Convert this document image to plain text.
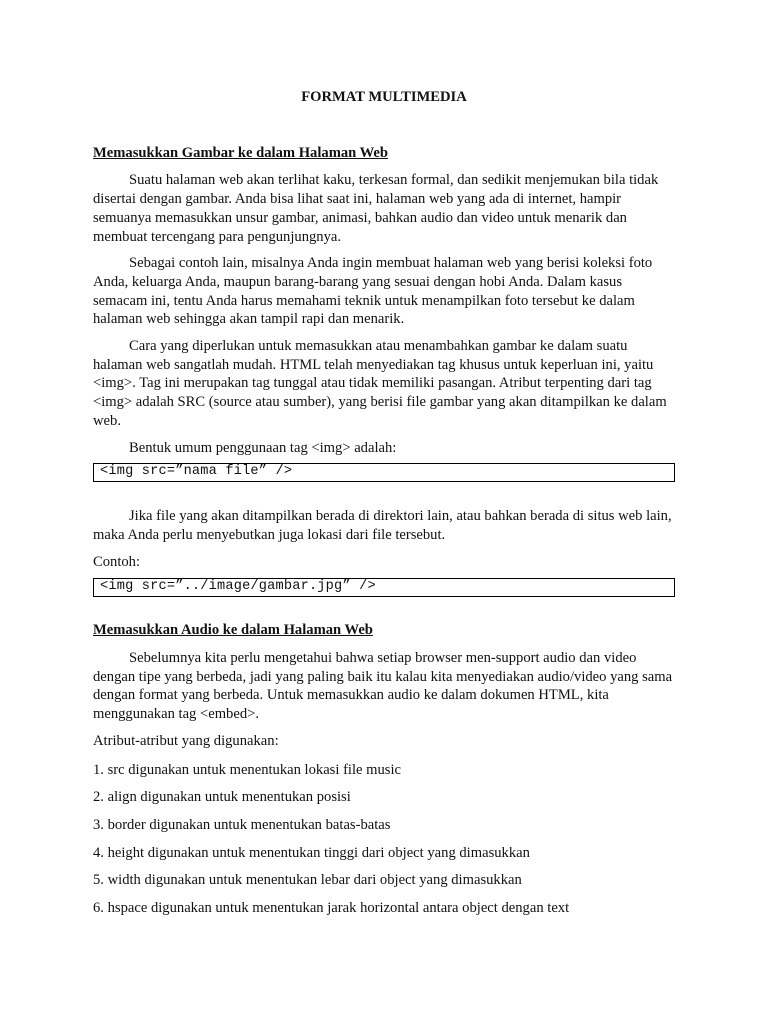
FORMAT MULTIMEDIA
Memasukkan Gambar ke dalam Halaman Web

Suatu halaman web akan terlihat kaku, terkesan formal, dan sedikit menjemukan bila tidak disertai dengan gambar. Anda bisa lihat saat ini, halaman web yang ada di internet, hampir semuanya memasukkan unsur gambar, animasi, bahkan audio dan video untuk menarik dan membuat tercengang para pengunjungnya.

Sebagai contoh lain, misalnya Anda ingin membuat halaman web yang berisi koleksi foto Anda, keluarga Anda, maupun barang-barang yang sesuai dengan hobi Anda. Dalam kasus semacam ini, tentu Anda harus memahami teknik untuk menampilkan foto tersebut ke dalam halaman web sehingga akan tampil rapi dan menarik.

Cara yang diperlukan untuk memasukkan atau menambahkan gambar ke dalam suatu halaman web sangatlah mudah. HTML telah menyediakan tag khusus untuk keperluan ini, yaitu <img>. Tag ini merupakan tag tunggal atau tidak memiliki pasangan. Atribut terpenting dari tag <img> adalah SRC (source atau sumber), yang berisi file gambar yang akan ditampilkan ke dalam web.

Bentuk umum penggunaan tag <img> adalah:

<img src=”nama file” />

Jika file yang akan ditampilkan berada di direktori lain, atau bahkan berada di situs web lain, maka Anda perlu menyebutkan juga lokasi dari file tersebut.

Contoh:

<img src=”../image/gambar.jpg” />
Memasukkan Audio ke dalam Halaman Web

Sebelumnya kita perlu mengetahui bahwa setiap browser men-support audio dan video dengan tipe yang berbeda, jadi yang paling baik itu kalau kita menyediakan audio/video yang sama dengan format yang berbeda. Untuk memasukkan audio ke dalam dokumen HTML, kita menggunakan tag <embed>.

Atribut-atribut yang digunakan:

1. src digunakan untuk menentukan lokasi file music
2. align digunakan untuk menentukan posisi
3. border digunakan untuk menentukan batas-batas
4. height digunakan untuk menentukan tinggi dari object yang dimasukkan
5. width digunakan untuk menentukan lebar dari object yang dimasukkan
6. hspace digunakan untuk menentukan jarak horizontal antara object dengan text
